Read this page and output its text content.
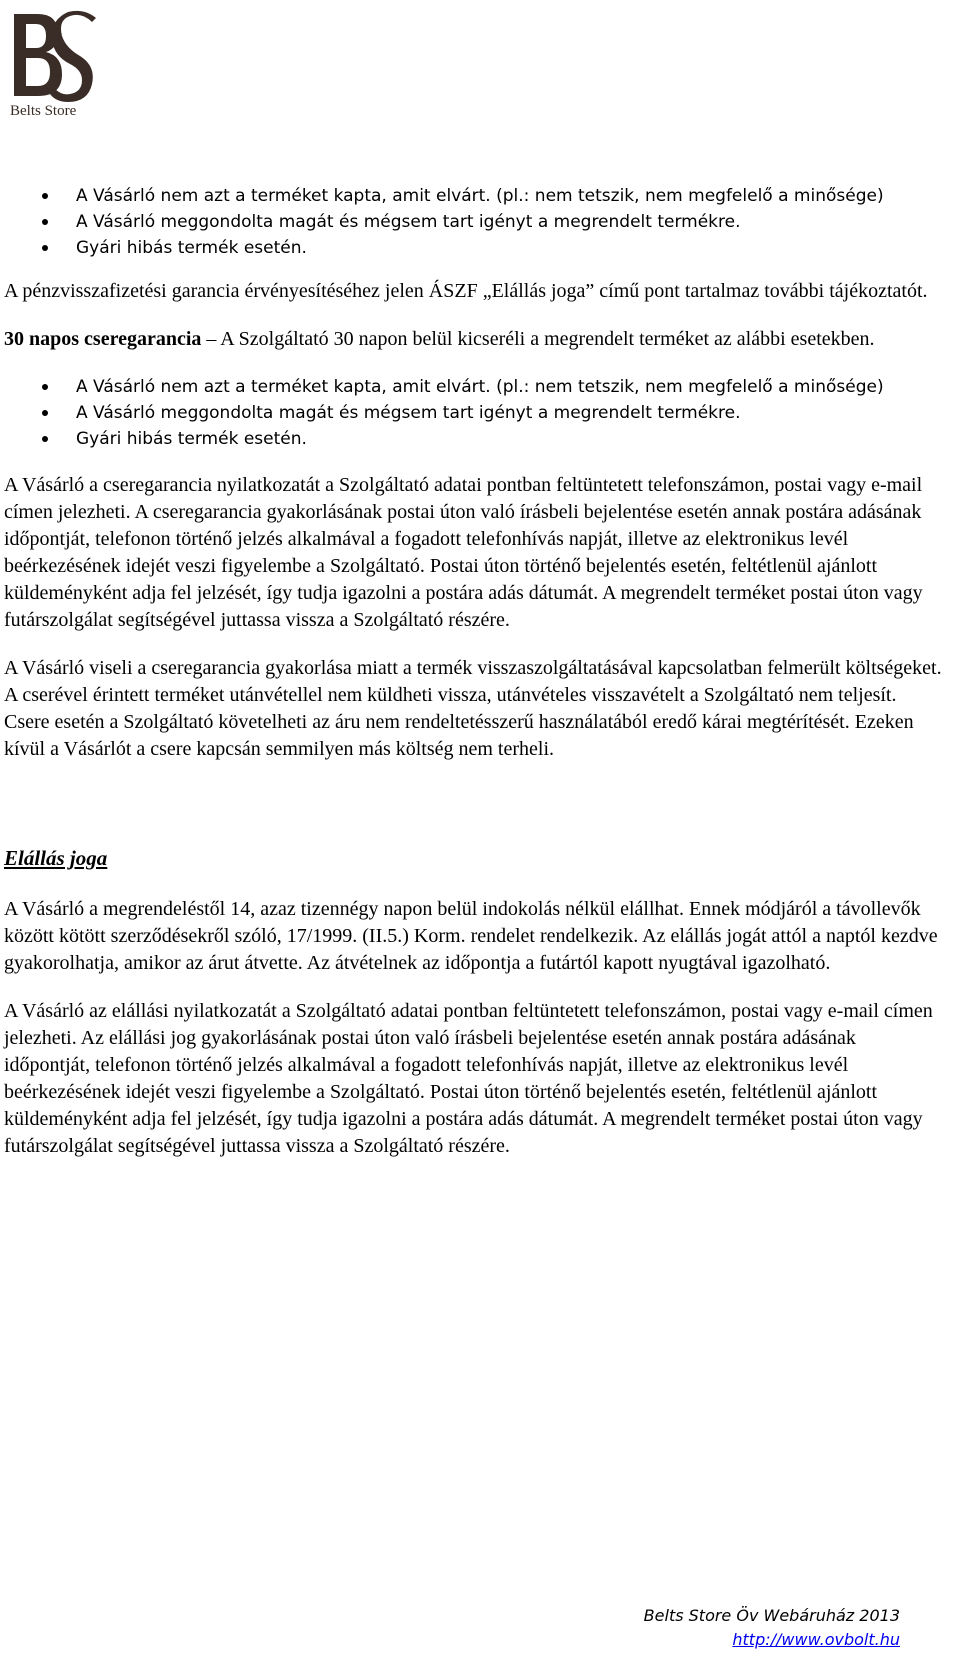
Belts Store
A Vásárló nem azt a terméket kapta, amit elvárt. (pl.: nem tetszik, nem megfelelő a minősége)
A Vásárló meggondolta magát és mégsem tart igényt a megrendelt termékre.
Gyári hibás termék esetén.

A pénzvisszafizetési garancia érvényesítéséhez jelen ÁSZF „Elállás joga” című pont tartalmaz további tájékoztatót.

30 napos cseregarancia – A Szolgáltató 30 napon belül kicseréli a megrendelt terméket az alábbi esetekben.

A Vásárló nem azt a terméket kapta, amit elvárt. (pl.: nem tetszik, nem megfelelő a minősége)
A Vásárló meggondolta magát és mégsem tart igényt a megrendelt termékre.
Gyári hibás termék esetén.

A Vásárló a cseregarancia nyilatkozatát a Szolgáltató adatai pontban feltüntetett telefonszámon, postai vagy e-mail címen jelezheti. A cseregarancia gyakorlásának postai úton való írásbeli bejelentése esetén annak postára adásának időpontját, telefonon történő jelzés alkalmával a fogadott telefonhívás napját, illetve az elektronikus levél beérkezésének idejét veszi figyelembe a Szolgáltató. Postai úton történő bejelentés esetén, feltétlenül ajánlott küldeményként adja fel jelzését, így tudja igazolni a postára adás dátumát. A megrendelt terméket postai úton vagy futárszolgálat segítségével juttassa vissza a Szolgáltató részére.

A Vásárló viseli a cseregarancia gyakorlása miatt a termék visszaszolgáltatásával kapcsolatban felmerült költségeket. A cserével érintett terméket utánvétellel nem küldheti vissza, utánvételes visszavételt a Szolgáltató nem teljesít. Csere esetén a Szolgáltató követelheti az áru nem rendeltetésszerű használatából eredő kárai megtérítését. Ezeken kívül a Vásárlót a csere kapcsán semmilyen más költség nem terheli.

Elállás joga

A Vásárló a megrendeléstől 14, azaz tizennégy napon belül indokolás nélkül elállhat. Ennek módjáról a távollevők között kötött szerződésekről szóló, 17/1999. (II.5.) Korm. rendelet rendelkezik. Az elállás jogát attól a naptól kezdve gyakorolhatja, amikor az árut átvette. Az átvételnek az időpontja a futártól kapott nyugtával igazolható.

A Vásárló az elállási nyilatkozatát a Szolgáltató adatai pontban feltüntetett telefonszámon, postai vagy e-mail címen jelezheti. Az elállási jog gyakorlásának postai úton való írásbeli bejelentése esetén annak postára adásának időpontját, telefonon történő jelzés alkalmával a fogadott telefonhívás napját, illetve az elektronikus levél beérkezésének idejét veszi figyelembe a Szolgáltató. Postai úton történő bejelentés esetén, feltétlenül ajánlott küldeményként adja fel jelzését, így tudja igazolni a postára adás dátumát. A megrendelt terméket postai úton vagy futárszolgálat segítségével juttassa vissza a Szolgáltató részére.

Belts Store Öv Webáruház 2013
http://www.ovbolt.hu
